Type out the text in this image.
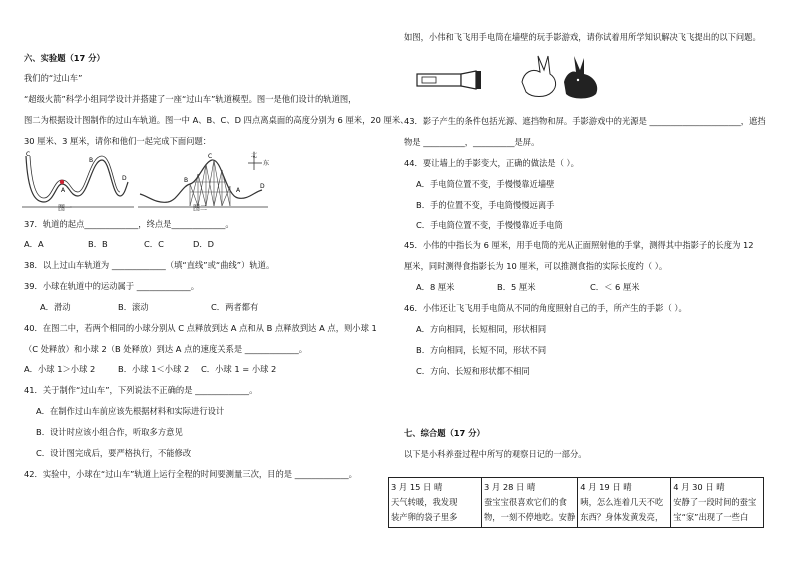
六、实验题（17 分）
我们的“过山车”
“超级火箭”科学小组同学设计并搭建了一座“过山车”轨道模型。图一是他们设计的轨道图，
图二为根据设计图制作的过山车轨道。图一中 A、B、C、D 四点离桌面的高度分别为 6 厘米，20 厘米、
30 厘米、3 厘米，请你和他们一起完成下面问题：
A
B
C
D
图一
A
B
C
D
北
东
图二
37．轨道的起点_____________，终点是_____________。
A．A	B．B	C．C	D．D
38．以上过山车轨道为 _____________（填“直线”或“曲线”）轨道。
39．小球在轨道中的运动属于 _____________。
A．滑动	B．滚动	C．两者都有
40．在图二中，若两个相同的小球分别从 C 点释放到达 A 点和从 B 点释放到达 A 点，则小球 1
（C 处释放）和小球 2（B 处释放）到达 A 点的速度关系是 _____________。
A．小球 1＞小球 2	B．小球 1＜小球 2 C．小球 1 = 小球 2
41．关于制作“过山车”，下列说法不正确的是 _____________。
A．在制作过山车前应该先根据材料和实际进行设计
B．设计时应该小组合作，听取多方意见
C．设计图完成后，要严格执行，不能修改
42．实验中，小球在“过山车”轨道上运行全程的时间要测量三次，目的是 _____________。
如图，小伟和飞飞用手电筒在墙壁的玩手影游戏，请你试着用所学知识解决飞飞提出的以下问题。
43．影子产生的条件包括光源、遮挡物和屏。手影游戏中的光源是 ______________________，遮挡
物是 __________，__________是屏。
44．要让墙上的手影变大，正确的做法是（ ）。
A．手电筒位置不变，手慢慢靠近墙壁
B．手的位置不变，手电筒慢慢远离手
C．手电筒位置不变，手慢慢靠近手电筒
45．小伟的中指长为 6 厘米，用手电筒的光从正面照射他的手掌，测得其中指影子的长度为 12
厘米，同时测得食指影长为 10 厘米，可以推测食指的实际长度约（ ）。
A．8 厘米	B．5 厘米	C．＜ 6 厘米
46．小伟还让飞飞用手电筒从不同的角度照射自己的手，所产生的手影（ ）。
A．方向相同，长短相同，形状相同
B．方向相同，长短不同，形状不同
C．方向、长短和形状都不相同
七、综合题（17 分）
以下是小科养蚕过程中所写的观察日记的一部分。
3 月 15 日 晴
天气转暖，我发现
装产卵的袋子里多

3 月 28 日 晴
蚕宝宝很喜欢它们的食
物，一刻不停地吃。安静

4 月 19 日 晴
咦，怎么连着几天不吃
东西？身体发黄发亮，

4 月 30 日 晴
安静了一段时间的蚕宝
宝“家”出现了一些白
